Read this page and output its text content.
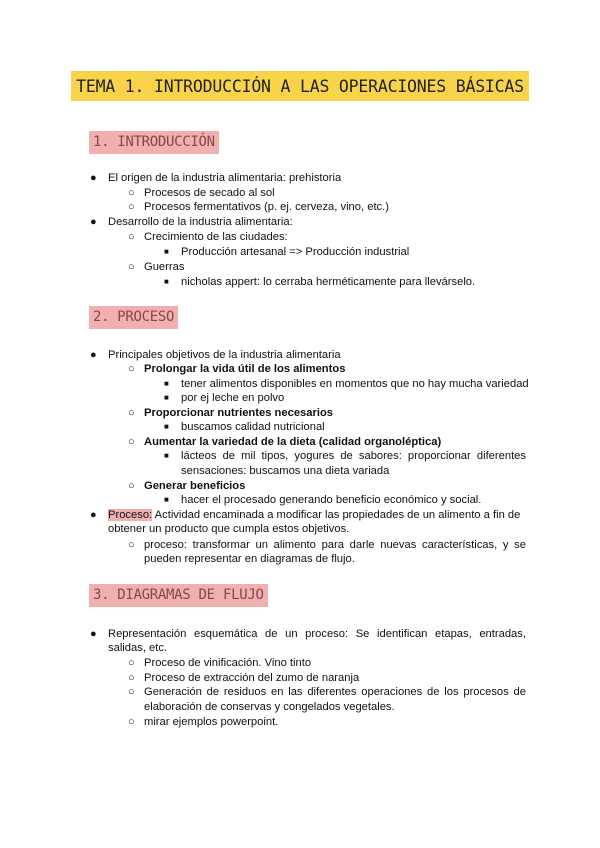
TEMA 1. INTRODUCCIÓN A LAS OPERACIONES BÁSICAS
1. INTRODUCCIÓN
● El origen de la industria alimentaria: prehistoria
○ Procesos de secado al sol
○ Procesos fermentativos (p. ej. cerveza, vino, etc.)
● Desarrollo de la industria alimentaria:
○ Crecimiento de las ciudades:
■ Producción artesanal => Producción industrial
○ Guerras
■ nicholas appert: lo cerraba herméticamente para llevárselo.
2. PROCESO
● Principales objetivos de la industria alimentaria
○ Prolongar la vida útil de los alimentos
■ tener alimentos disponibles en momentos que no hay mucha variedad
■ por ej leche en polvo
○ Proporcionar nutrientes necesarios
■ buscamos calidad nutricional
○ Aumentar la variedad de la dieta (calidad organoléptica)
■ lácteos de mil tipos, yogures de sabores: proporcionar diferentes
sensaciones: buscamos una dieta variada
○ Generar beneficios
■ hacer el procesado generando beneficio económico y social.
● Proceso: Actividad encaminada a modificar las propiedades de un alimento a fin de
obtener un producto que cumpla estos objetivos.
○ proceso: transformar un alimento para darle nuevas características, y se
pueden representar en diagramas de flujo.
3. DIAGRAMAS DE FLUJO
● Representación esquemática de un proceso: Se identifican etapas, entradas,
salidas, etc.
○ Proceso de vinificación. Vino tinto
○ Proceso de extracción del zumo de naranja
○ Generación de residuos en las diferentes operaciones de los procesos de
elaboración de conservas y congelados vegetales.
○ mirar ejemplos powerpoint.
